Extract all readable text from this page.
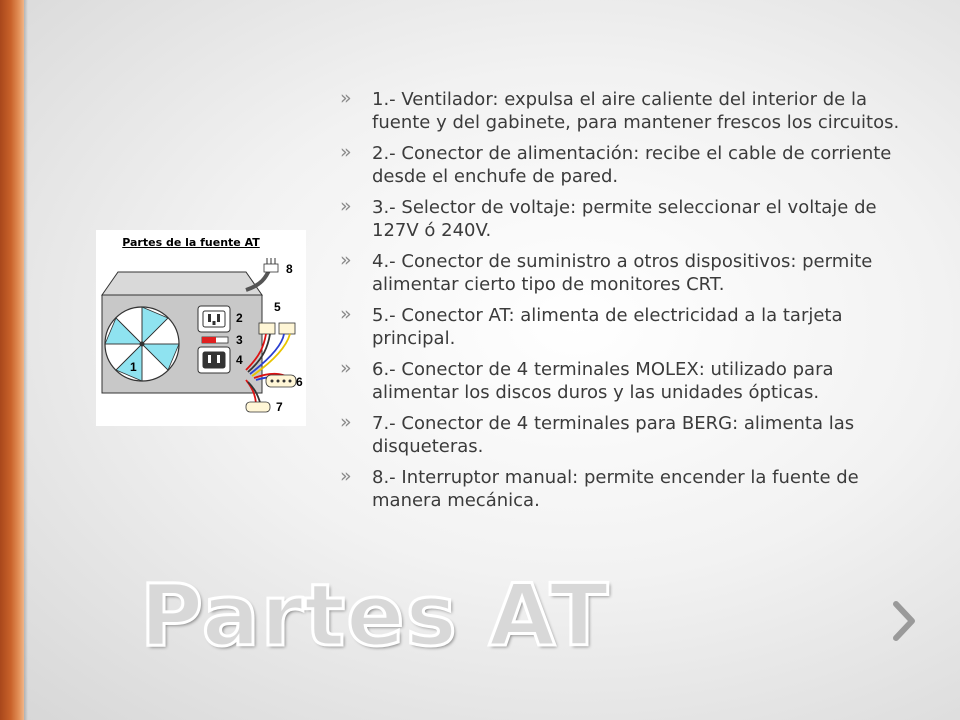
» 1.- Ventilador: expulsa el aire caliente del interior de la fuente y del gabinete, para mantener frescos los circuitos.
» 2.- Conector de alimentación: recibe el cable de corriente desde el enchufe de pared.
» 3.- Selector de voltaje: permite seleccionar el voltaje de 127V ó 240V.
» 4.- Conector de suministro a otros dispositivos: permite alimentar cierto tipo de monitores CRT.
» 5.- Conector AT: alimenta de electricidad a la tarjeta principal.
» 6.- Conector de 4 terminales MOLEX: utilizado para alimentar los discos duros y las unidades ópticas.
» 7.- Conector de 4 terminales para BERG: alimenta las disqueteras.
» 8.- Interruptor manual: permite encender la fuente de manera mecánica.
Partes de la fuente AT
1
2
3
4
5
6
7
8
Partes AT
